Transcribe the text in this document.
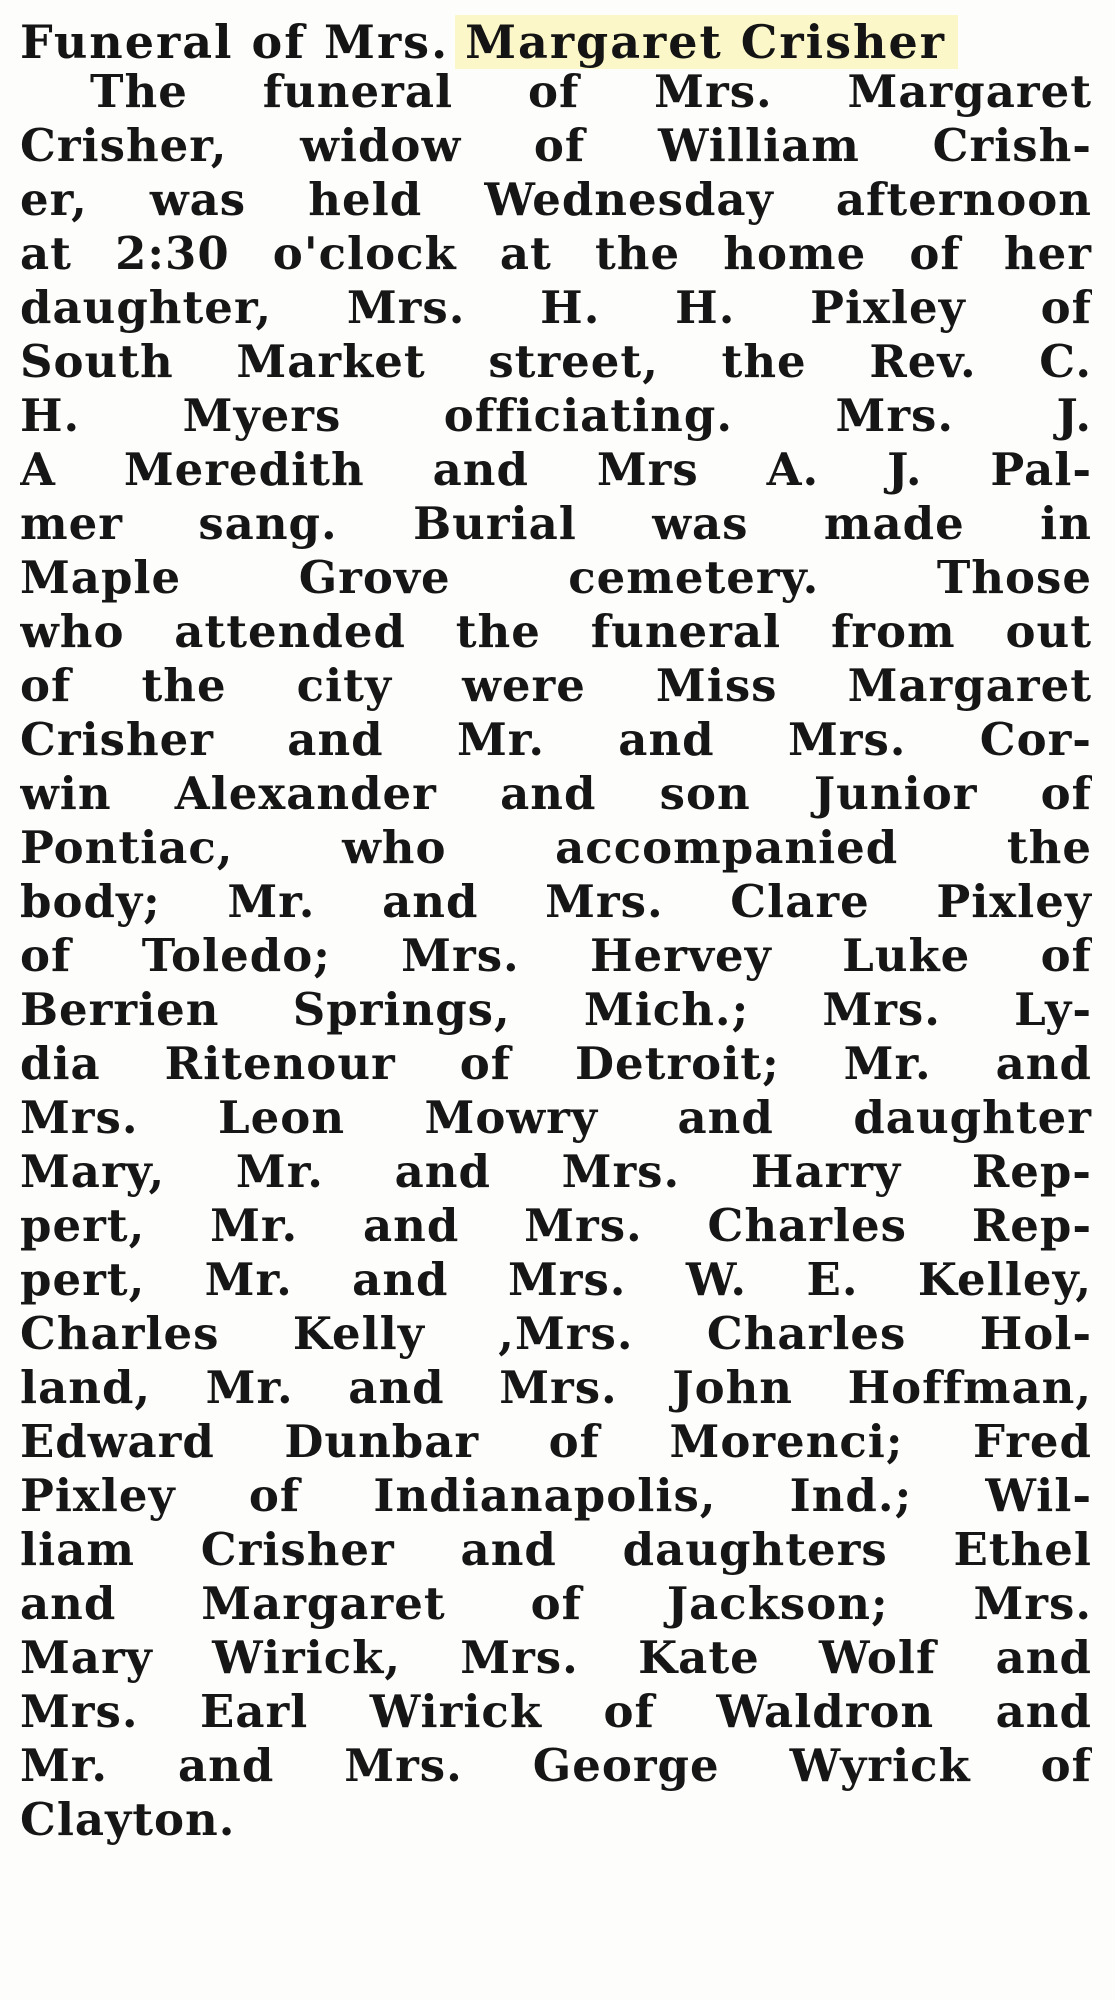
Funeral of Mrs. Margaret Crisher
The funeral of Mrs. Margaret
Crisher, widow of William Crish-
er, was held Wednesday afternoon
at 2:30 o'clock at the home of her
daughter, Mrs. H. H. Pixley of
South Market street, the Rev. C.
H. Myers officiating. Mrs. J.
A Meredith and Mrs A. J. Pal-
mer sang. Burial was made in
Maple Grove cemetery. Those
who attended the funeral from out
of the city were Miss Margaret
Crisher and Mr. and Mrs. Cor-
win Alexander and son Junior of
Pontiac, who accompanied the
body; Mr. and Mrs. Clare Pixley
of Toledo; Mrs. Hervey Luke of
Berrien Springs, Mich.; Mrs. Ly-
dia Ritenour of Detroit; Mr. and
Mrs. Leon Mowry and daughter
Mary, Mr. and Mrs. Harry Rep-
pert, Mr. and Mrs. Charles Rep-
pert, Mr. and Mrs. W. E. Kelley,
Charles Kelly ,Mrs. Charles Hol-
land, Mr. and Mrs. John Hoffman,
Edward Dunbar of Morenci; Fred
Pixley of Indianapolis, Ind.; Wil-
liam Crisher and daughters Ethel
and Margaret of Jackson; Mrs.
Mary Wirick, Mrs. Kate Wolf and
Mrs. Earl Wirick of Waldron and
Mr. and Mrs. George Wyrick of
Clayton.
